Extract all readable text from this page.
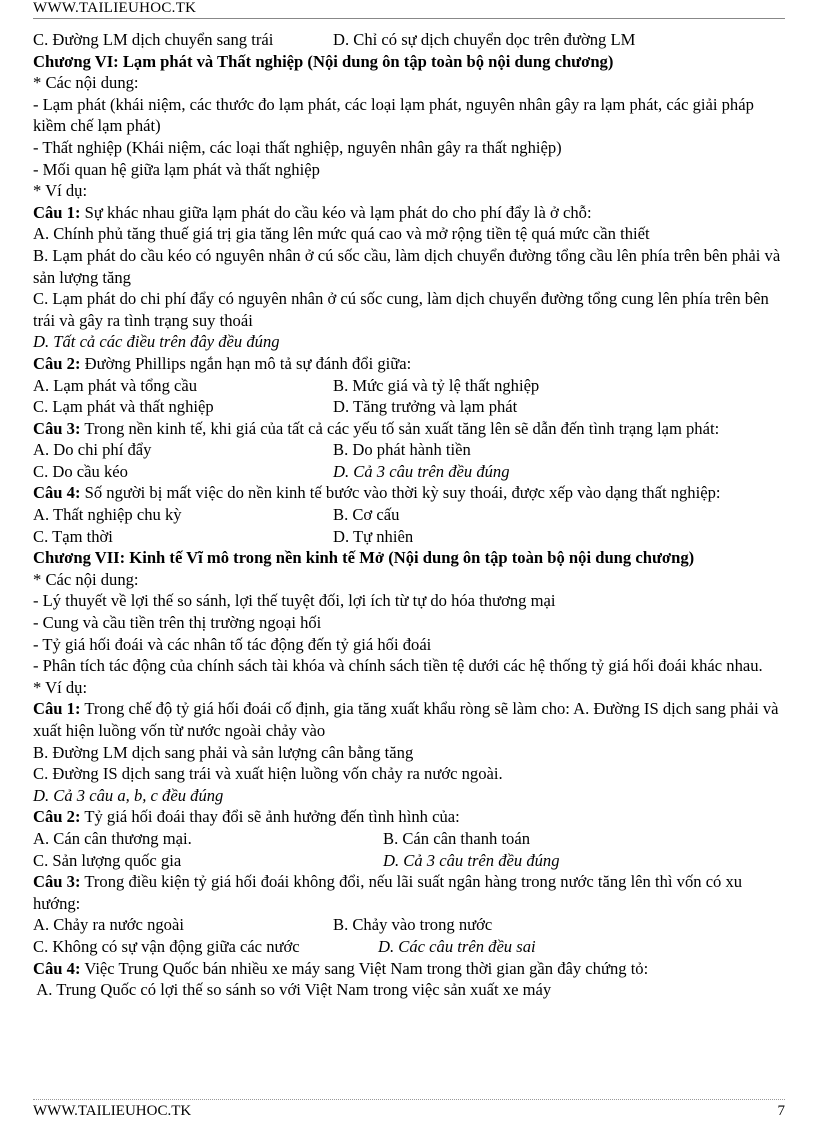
WWW.TAILIEUHOC.TK
C. Đường LM dịch chuyển sang trái	D. Chỉ có sự dịch chuyển dọc trên đường LM
Chương VI: Lạm phát và Thất nghiệp (Nội dung ôn tập toàn bộ nội dung chương)
* Các nội dung:
- Lạm phát (khái niệm, các thước đo lạm phát, các loại lạm phát, nguyên nhân gây ra lạm phát, các giải pháp kiềm chế lạm phát)
- Thất nghiệp (Khái niệm, các loại thất nghiệp, nguyên nhân gây ra thất nghiệp)
- Mối quan hệ giữa lạm phát và thất nghiệp
* Ví dụ:
Câu 1: Sự khác nhau giữa lạm phát do cầu kéo và lạm phát do cho phí đẩy là ở chỗ:
A. Chính phủ tăng thuế giá trị gia tăng lên mức quá cao và mở rộng tiền tệ quá mức cần thiết
B. Lạm phát do cầu kéo có nguyên nhân ở cú sốc cầu, làm dịch chuyển đường tổng cầu lên phía trên bên phải và sản lượng tăng
C. Lạm phát do chi phí đẩy có nguyên nhân ở cú sốc cung, làm dịch chuyển đường tổng cung lên phía trên bên trái và gây ra tình trạng suy thoái
D. Tất cả các điều trên đây đều đúng
Câu 2: Đường Phillips ngắn hạn mô tả sự đánh đổi giữa:
A. Lạm phát và tổng cầu	B. Mức giá và tỷ lệ thất nghiệp
C. Lạm phát và thất nghiệp	D. Tăng trưởng và lạm phát
Câu 3: Trong nền kinh tế, khi giá của tất cả các yếu tố sản xuất tăng lên sẽ dẫn đến tình trạng lạm phát:
A. Do chi phí đẩy	B. Do phát hành tiền
C. Do cầu kéo	D. Cả 3 câu trên đều đúng
Câu 4: Số người bị mất việc do nền kinh tế bước vào thời kỳ suy thoái, được xếp vào dạng thất nghiệp:
A. Thất nghiệp chu kỳ	B. Cơ cấu
C. Tạm thời	D. Tự nhiên
Chương VII: Kinh tế Vĩ mô trong nền kinh tế Mở (Nội dung ôn tập toàn bộ nội dung chương)
* Các nội dung:
- Lý thuyết về lợi thế so sánh, lợi thế tuyệt đối, lợi ích từ tự do hóa thương mại
- Cung và cầu tiền trên thị trường ngoại hối
- Tỷ giá hối đoái và các nhân tố tác động đến tỷ giá hối đoái
- Phân tích tác động của chính sách tài khóa và chính sách tiền tệ dưới các hệ thống tỷ giá hối đoái khác nhau.
* Ví dụ:
Câu 1: Trong chế độ tỷ giá hối đoái cố định, gia tăng xuất khẩu ròng sẽ làm cho: A. Đường IS dịch sang phải và xuất hiện luồng vốn từ nước ngoài chảy vào
B. Đường LM dịch sang phải và sản lượng cân bằng tăng
C. Đường IS dịch sang trái và xuất hiện luồng vốn chảy ra nước ngoài.
D. Cả 3 câu a, b, c đều đúng
Câu 2: Tỷ giá hối đoái thay đổi sẽ ảnh hưởng đến tình hình của:
A. Cán cân thương mại.	B. Cán cân thanh toán
C. Sản lượng quốc gia	D. Cả 3 câu trên đều đúng
Câu 3: Trong điều kiện tỷ giá hối đoái không đổi, nếu lãi suất ngân hàng trong nước tăng lên thì vốn có xu hướng:
A. Chảy ra nước ngoài	B. Chảy vào trong nước
C. Không có sự vận động giữa các nước	D. Các câu trên đều sai
Câu 4: Việc Trung Quốc bán nhiều xe máy sang Việt Nam trong thời gian gần đây chứng tỏ:
A. Trung Quốc có lợi thế so sánh so với Việt Nam trong việc sản xuất xe máy
WWW.TAILIEUHOC.TK	7
